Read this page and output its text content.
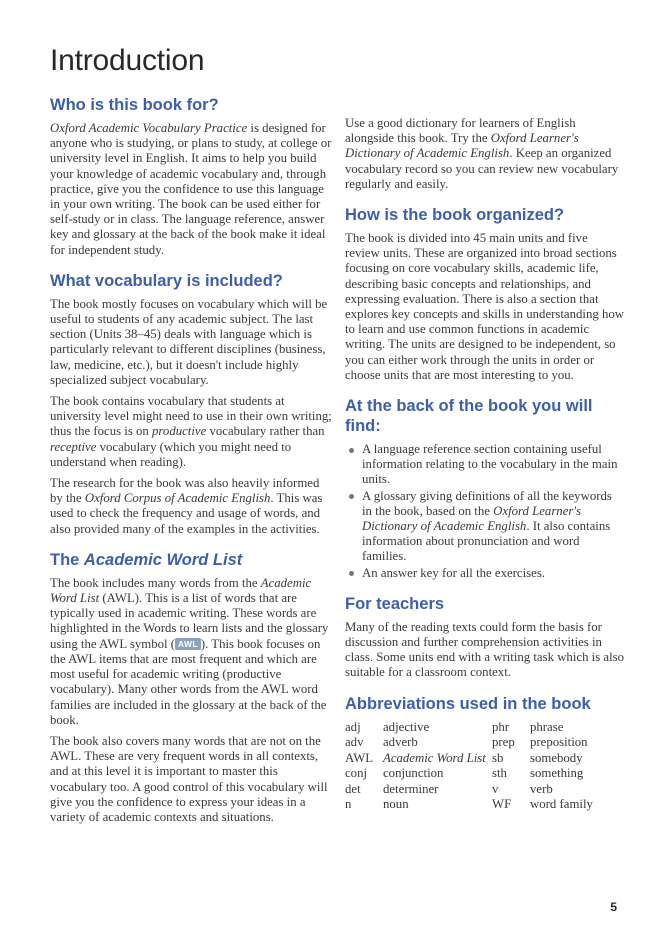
Introduction
Who is this book for?

Oxford Academic Vocabulary Practice is designed for anyone who is studying, or plans to study, at college or university level in English. It aims to help you build your knowledge of academic vocabulary and, through practice, give you the confidence to use this language in your own writing. The book can be used either for self-study or in class. The language reference, answer key and glossary at the back of the book make it ideal for independent study.

What vocabulary is included?

The book mostly focuses on vocabulary which will be useful to students of any academic subject. The last section (Units 38–45) deals with language which is particularly relevant to different disciplines (business, law, medicine, etc.), but it doesn't include highly specialized subject vocabulary.

The book contains vocabulary that students at university level might need to use in their own writing; thus the focus is on productive vocabulary rather than receptive vocabulary (which you might need to understand when reading).

The research for the book was also heavily informed by the Oxford Corpus of Academic English. This was used to check the frequency and usage of words, and also provided many of the examples in the activities.

The Academic Word List

The book includes many words from the Academic Word List (AWL). This is a list of words that are typically used in academic writing. These words are highlighted in the Words to learn lists and the glossary using the AWL symbol ( AWL ). This book focuses on the AWL items that are most frequent and which are most useful for academic writing (productive vocabulary). Many other words from the AWL word families are included in the glossary at the back of the book.

The book also covers many words that are not on the AWL. These are very frequent words in all contexts, and at this level it is important to master this vocabulary too. A good control of this vocabulary will give you the confidence to express your ideas in a variety of academic contexts and situations.

Use a good dictionary for learners of English alongside this book. Try the Oxford Learner's Dictionary of Academic English. Keep an organized vocabulary record so you can review new vocabulary regularly and easily.

How is the book organized?

The book is divided into 45 main units and five review units. These are organized into broad sections focusing on core vocabulary skills, academic life, describing basic concepts and relationships, and expressing evaluation. There is also a section that explores key concepts and skills in understanding how to learn and use common functions in academic writing. The units are designed to be independent, so you can either work through the units in order or choose units that are most interesting to you.

At the back of the book you will find:
A language reference section containing useful information relating to the vocabulary in the main units.
A glossary giving definitions of all the keywords in the book, based on the Oxford Learner's Dictionary of Academic English. It also contains information about pronunciation and word families.
An answer key for all the exercises.
For teachers

Many of the reading texts could form the basis for discussion and further comprehension activities in class. Some units end with a writing task which is also suitable for a classroom context.

Abbreviations used in the book
adj	adjective
adv	adverb
AWL Academic Word List
conj	conjunction
det	determiner
n	noun
phr	phrase
prep	preposition
sb	somebody
sth	something
v	verb
WF	word family
5
